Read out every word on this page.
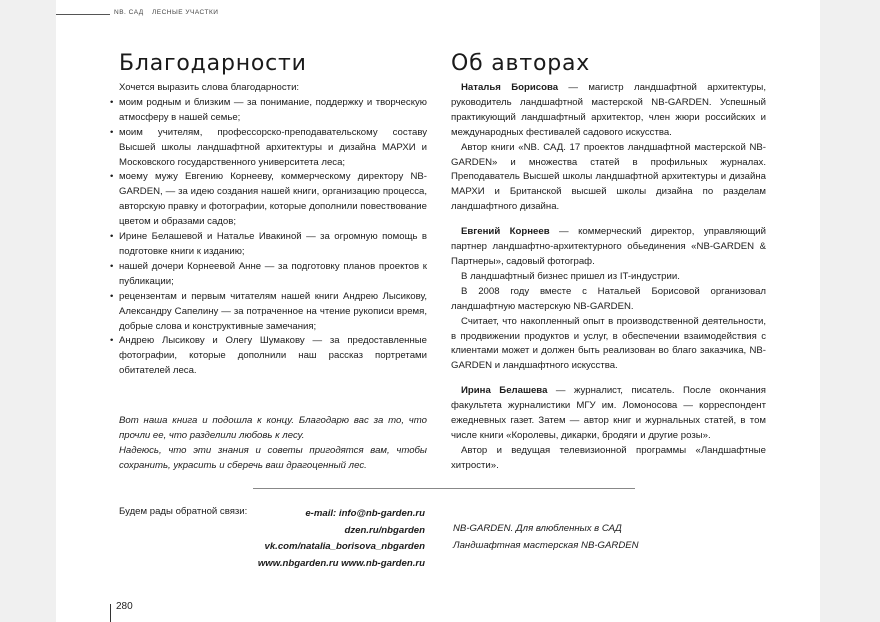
NB. САД ЛЕСНЫЕ УЧАСТКИ
Благодарности	Об авторах

Хочется выразить слова благодарности:

• моим родным и близким — за понимание, поддержку и творческую атмосферу в нашей семье;
• моим учителям, профессорско-преподавательскому составу Высшей школы ландшафтной архитектуры и дизайна МАРХИ и Московского государственного университета леса;
• моему мужу Евгению Корнееву, коммерческому директору NB-GARDEN, — за идею создания нашей книги, организацию процесса, авторскую правку и фотографии, которые дополнили повествование цветом и образами садов;
• Ирине Белашевой и Наталье Ивакиной — за огромную помощь в подготовке книги к изданию;
• нашей дочери Корнеевой Анне — за подготовку планов проектов к публикации;
• рецензентам и первым читателям нашей книги Андрею Лысикову, Александру Сапелину — за потраченное на чтение рукописи время, добрые слова и конструктивные замечания;
• Андрею Лысикову и Олегу Шумакову — за предоставленные фотографии, которые дополнили наш рассказ портретами обитателей леса.

Вот наша книга и подошла к концу. Благодарю вас за то, что прочли ее, что разделили любовь к лесу.

Надеюсь, что эти знания и советы пригодятся вам, чтобы сохранить, украсить и сберечь ваш драгоценный лес.

Наталья Борисова — магистр ландшафтной архитектуры, руководитель ландшафтной мастерской NB-GARDEN. Успешный практикующий ландшафтный архитектор, член жюри российских и международных фестивалей садового искусства.

Автор книги «NB. САД. 17 проектов ландшафтной мастерской NB-GARDEN» и множества статей в профильных журналах. Преподаватель Высшей школы ландшафтной архитектуры и дизайна МАРХИ и Британской высшей школы дизайна по разделам ландшафтного дизайна.

Евгений Корнеев — коммерческий директор, управляющий партнер ландшафтно-архитектурного обьединения «NB-GARDEN & Партнеры», садовый фотограф.

В ландшафтный бизнес пришел из IT-индустрии.

В 2008 году вместе с Натальей Борисовой организовал ландшафтную мастерскую NB-GARDEN.

Считает, что накопленный опыт в производственной деятельности, в продвижении продуктов и услуг, в обеспечении взаимодействия с клиентами может и должен быть реализован во благо заказчика, NB-GARDEN и ландшафтного искусства.

Ирина Белашева — журналист, писатель. После окончания факультета журналистики МГУ им. Ломоносова — корреспондент ежедневных газет. Затем — автор книг и журнальных статей, в том числе книги «Королевы, дикарки, бродяги и другие розы».

Автор и ведущая телевизионной программы «Ландшафтные хитрости».

Будем рады обратной связи:	e-mail: info@nb-garden.ru
dzen.ru/nbgarden
vk.com/natalia_borisova_nbgarden
www.nbgarden.ru www.nb-garden.ru
NB-GARDEN. Для влюбленных в САД
Ландшафтная мастерская NB-GARDEN
280
